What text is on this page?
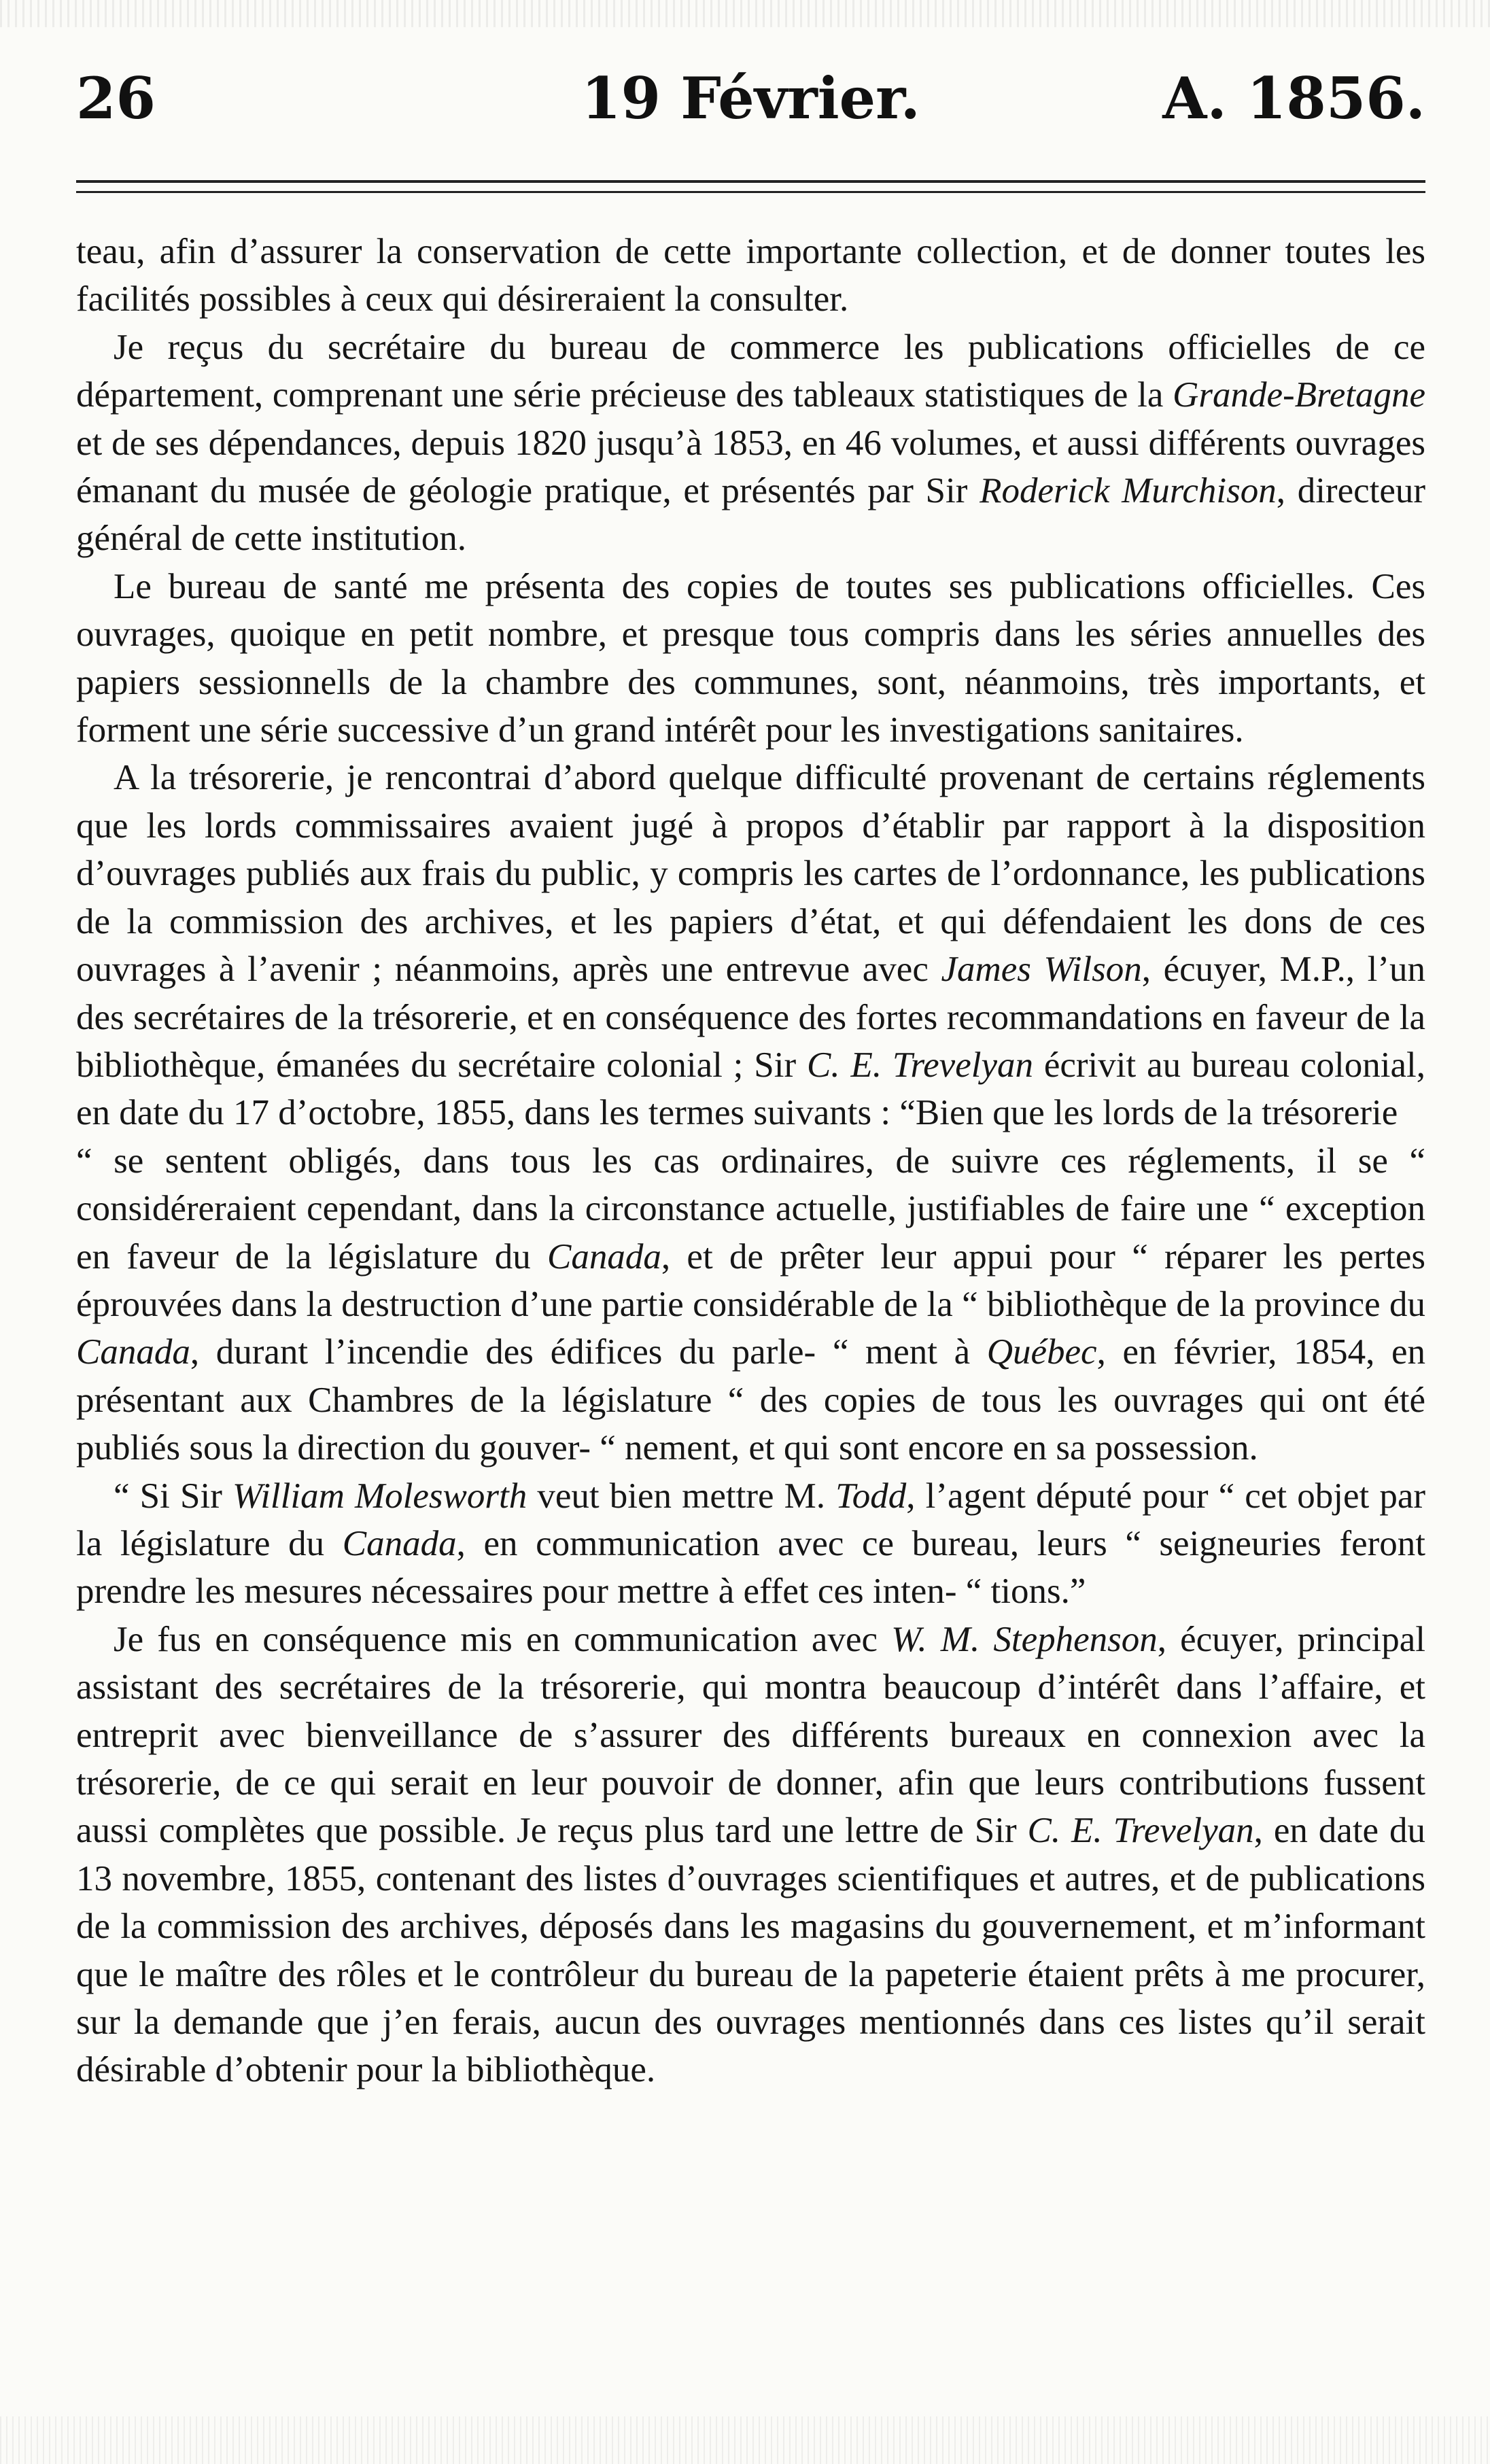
26	19 Février.	A. 1856.

teau, afin d’assurer la conservation de cette importante collection, et de donner toutes les facilités possibles à ceux qui désireraient la consulter.

Je reçus du secrétaire du bureau de commerce les publications officielles de ce département, comprenant une série précieuse des tableaux statistiques de la Grande-Bretagne et de ses dépendances, depuis 1820 jusqu’à 1853, en 46 volumes, et aussi différents ouvrages émanant du musée de géologie pratique, et présentés par Sir Roderick Murchison, directeur général de cette institution.

Le bureau de santé me présenta des copies de toutes ses publications officielles. Ces ouvrages, quoique en petit nombre, et presque tous compris dans les séries annuelles des papiers sessionnells de la chambre des communes, sont, néanmoins, très importants, et forment une série successive d’un grand intérêt pour les investigations sanitaires.

A la trésorerie, je rencontrai d’abord quelque difficulté provenant de certains réglements que les lords commissaires avaient jugé à propos d’établir par rapport à la disposition d’ouvrages publiés aux frais du public, y compris les cartes de l’ordonnance, les publications de la commission des archives, et les papiers d’état, et qui défendaient les dons de ces ouvrages à l’avenir ; néanmoins, après une entrevue avec James Wilson, écuyer, M.P., l’un des secrétaires de la trésorerie, et en conséquence des fortes recommandations en faveur de la bibliothèque, émanées du secrétaire colonial ; Sir C. E. Trevelyan écrivit au bureau colonial, en date du 17 d’octobre, 1855, dans les termes suivants : “Bien que les lords de la trésorerie

“ se sentent obligés, dans tous les cas ordinaires, de suivre ces réglements, il se “ considéreraient cependant, dans la circonstance actuelle, justifiables de faire une “ exception en faveur de la législature du Canada, et de prêter leur appui pour “ réparer les pertes éprouvées dans la destruction d’une partie considérable de la “ bibliothèque de la province du Canada, durant l’incendie des édifices du parle- “ ment à Québec, en février, 1854, en présentant aux Chambres de la législature “ des copies de tous les ouvrages qui ont été publiés sous la direction du gouver- “ nement, et qui sont encore en sa possession.

“ Si Sir William Molesworth veut bien mettre M. Todd, l’agent député pour “ cet objet par la législature du Canada, en communication avec ce bureau, leurs “ seigneuries feront prendre les mesures nécessaires pour mettre à effet ces inten- “ tions.”

Je fus en conséquence mis en communication avec W. M. Stephenson, écuyer, principal assistant des secrétaires de la trésorerie, qui montra beaucoup d’intérêt dans l’affaire, et entreprit avec bienveillance de s’assurer des différents bureaux en connexion avec la trésorerie, de ce qui serait en leur pouvoir de donner, afin que leurs contributions fussent aussi complètes que possible. Je reçus plus tard une lettre de Sir C. E. Trevelyan, en date du 13 novembre, 1855, contenant des listes d’ouvrages scientifiques et autres, et de publications de la commission des archives, déposés dans les magasins du gouvernement, et m’informant que le maître des rôles et le contrôleur du bureau de la papeterie étaient prêts à me procurer, sur la demande que j’en ferais, aucun des ouvrages mentionnés dans ces listes qu’il serait désirable d’obtenir pour la bibliothèque.
